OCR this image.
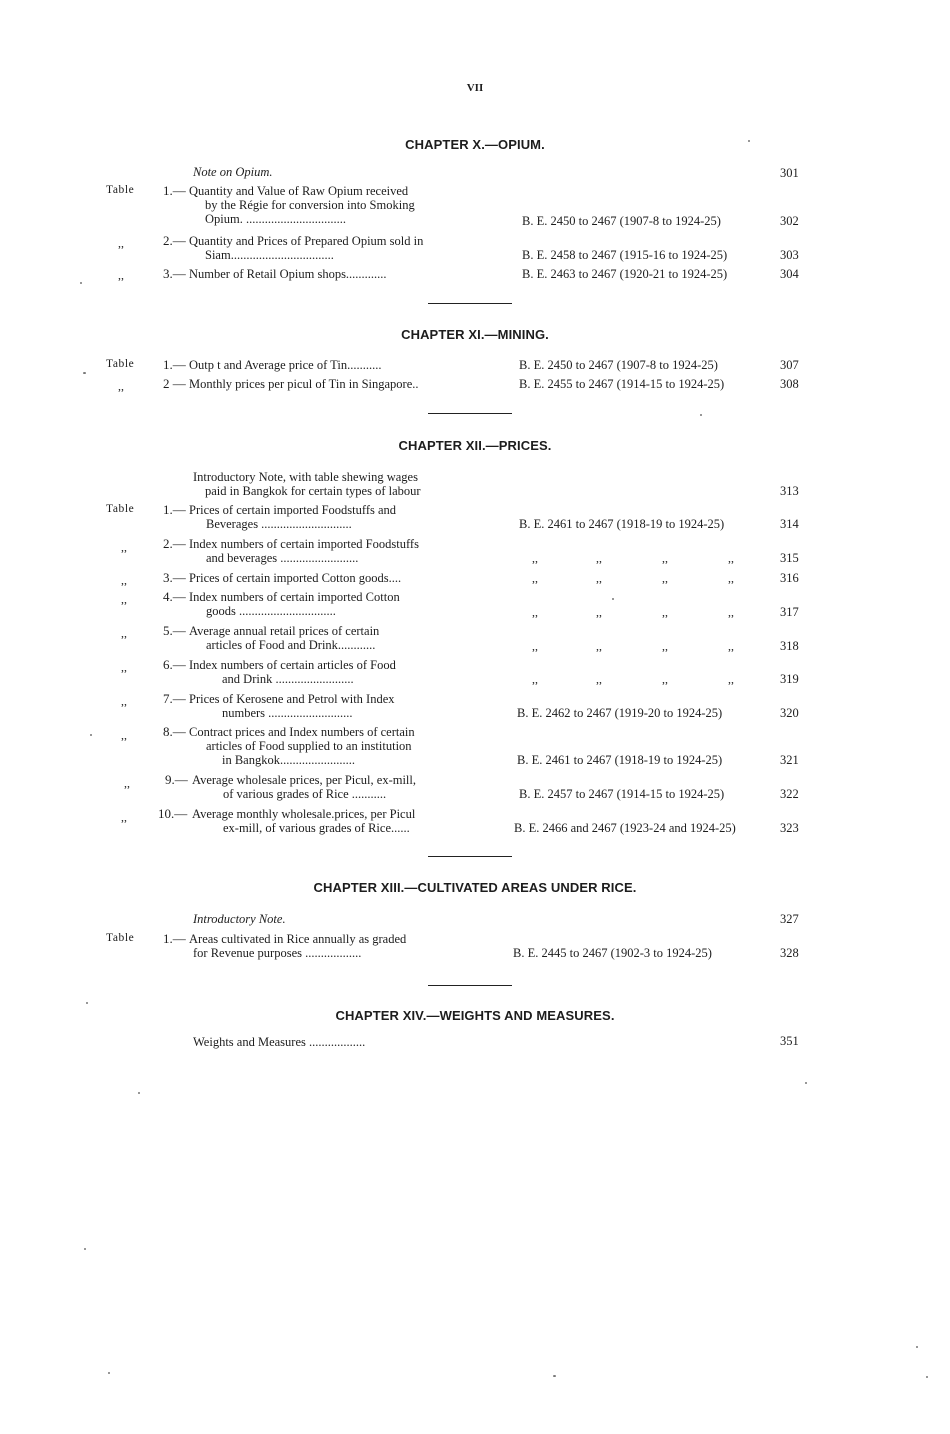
VII
CHAPTER X.—OPIUM.
Note on Opium.	301
Table 1.— Quantity and Value of Raw Opium received
by the Régie for conversion into Smoking
Opium. ................................	B. E. 2450 to 2467 (1907-8 to 1924-25)	302
,,	2.— Quantity and Prices of Prepared Opium sold in
Siam.................................	B. E. 2458 to 2467 (1915-16 to 1924-25)	303
,,	3.— Number of Retail Opium shops.............	B. E. 2463 to 2467 (1920-21 to 1924-25)	304
CHAPTER XI.—MINING.
Table 1.— Outp t and Average price of Tin...........	B. E. 2450 to 2467 (1907-8 to 1924-25)	307
,,	2 — Monthly prices per picul of Tin in Singapore..	B. E. 2455 to 2467 (1914-15 to 1924-25)	308
CHAPTER XII.—PRICES.
Introductory Note, with table shewing wages
paid in Bangkok for certain types of labour	313
Table 1.— Prices of certain imported Foodstuffs and
Beverages .............................	B. E. 2461 to 2467 (1918-19 to 1924-25)	314
,,	2.— Index numbers of certain imported Foodstuffs
and beverages .........................	,,	,,	,,	,,	315
,,	3.— Prices of certain imported Cotton goods....	,,	,,	,,	,,	316
,,	4.— Index numbers of certain imported Cotton
goods ...............................	,,	,,	,,	,,	317
,,	5.— Average annual retail prices of certain
articles of Food and Drink............	,,	,,	,,	,,	318
,,	6.— Index numbers of certain articles of Food
and Drink .........................	,,	,,	,,	,,	319
,,	7.— Prices of Kerosene and Petrol with Index
numbers ...........................	B. E. 2462 to 2467 (1919-20 to 1924-25)	320
,,	8.— Contract prices and Index numbers of certain
articles of Food supplied to an institution
in Bangkok........................	B. E. 2461 to 2467 (1918-19 to 1924-25)	321
,,	9.— Average wholesale prices, per Picul, ex-mill,
of various grades of Rice ...........	B. E. 2457 to 2467 (1914-15 to 1924-25)	322
,, 10.— Average monthly wholesale.prices, per Picul
ex-mill, of various grades of Rice......	B. E. 2466 and 2467 (1923-24 and 1924-25)	323
CHAPTER XIII.—CULTIVATED AREAS UNDER RICE.
Introductory Note.	327
Table 1.— Areas cultivated in Rice annually as graded
for Revenue purposes ..................	B. E. 2445 to 2467 (1902-3 to 1924-25)	328
CHAPTER XIV.—WEIGHTS AND MEASURES.
Weights and Measures ..................	351
